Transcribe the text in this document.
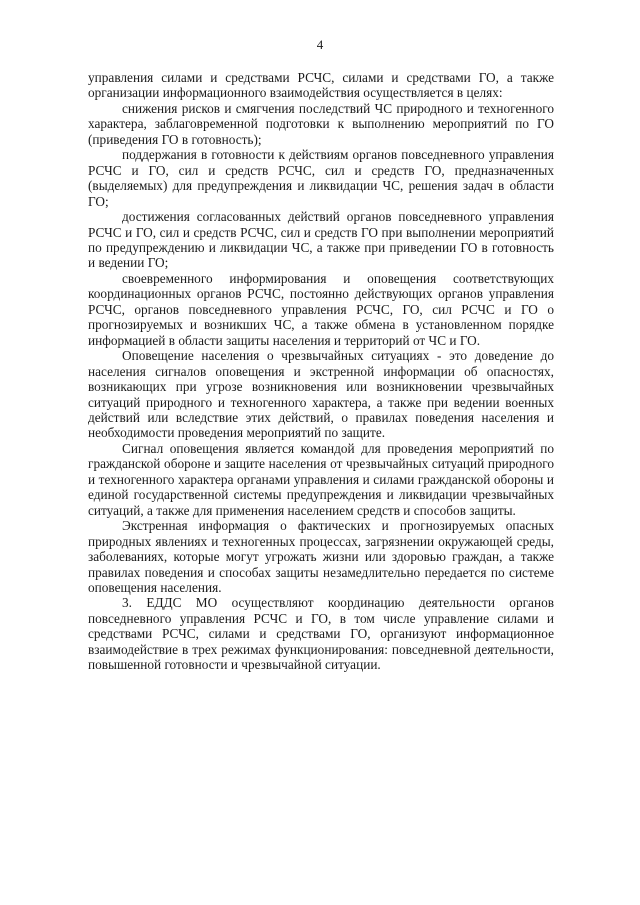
4

управления силами и средствами РСЧС, силами и средствами ГО, а также организации информационного взаимодействия осуществляется в целях:

снижения рисков и смягчения последствий ЧС природного и техногенного характера, заблаговременной подготовки к выполнению мероприятий по ГО (приведения ГО в готовность);

поддержания в готовности к действиям органов повседневного управления РСЧС и ГО, сил и средств РСЧС, сил и средств ГО, предназначенных (выделяемых) для предупреждения и ликвидации ЧС, решения задач в области ГО;

достижения согласованных действий органов повседневного управления РСЧС и ГО, сил и средств РСЧС, сил и средств ГО при выполнении мероприятий по предупреждению и ликвидации ЧС, а также при приведении ГО в готовность и ведении ГО;

своевременного информирования и оповещения соответствующих координационных органов РСЧС, постоянно действующих органов управления РСЧС, органов повседневного управления РСЧС, ГО, сил РСЧС и ГО о прогнозируемых и возникших ЧС, а также обмена в установленном порядке информацией в области защиты населения и территорий от ЧС и ГО.

Оповещение населения о чрезвычайных ситуациях - это доведение до населения сигналов оповещения и экстренной информации об опасностях, возникающих при угрозе возникновения или возникновении чрезвычайных ситуаций природного и техногенного характера, а также при ведении военных действий или вследствие этих действий, о правилах поведения населения и необходимости проведения мероприятий по защите.

Сигнал оповещения является командой для проведения мероприятий по гражданской обороне и защите населения от чрезвычайных ситуаций природного и техногенного характера органами управления и силами гражданской обороны и единой государственной системы предупреждения и ликвидации чрезвычайных ситуаций, а также для применения населением средств и способов защиты.

Экстренная информация о фактических и прогнозируемых опасных природных явлениях и техногенных процессах, загрязнении окружающей среды, заболеваниях, которые могут угрожать жизни или здоровью граждан, а также правилах поведения и способах защиты незамедлительно передается по системе оповещения населения.

3. ЕДДС МО осуществляют координацию деятельности органов повседневного управления РСЧС и ГО, в том числе управление силами и средствами РСЧС, силами и средствами ГО, организуют информационное взаимодействие в трех режимах функционирования: повседневной деятельности, повышенной готовности и чрезвычайной ситуации.
